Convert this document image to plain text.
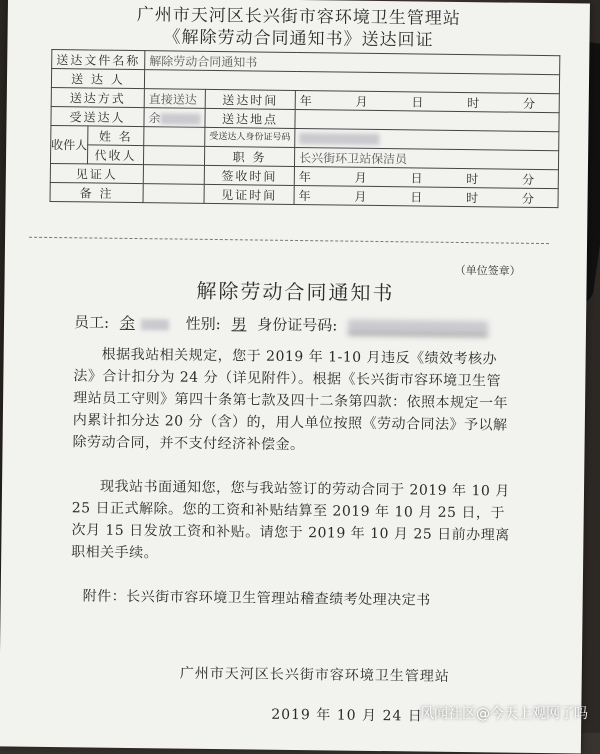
广州市天河区长兴街市容环境卫生管理站
《解除劳动合同通知书》送达回证
送达文件名称		解除劳动合同通知书		
送 达 人				
送达方式		直接送达	送达时间	年 月 日 时 分
受送达人		余	送达地点	
收件人	姓 名		受送达人身份证号码	
	代收人		职 务	长兴街环卫站保洁员
见证人			签收时间	年 月 日 时 分
备 注			见证时间	年 月 日 时 分
（单位签章）
解除劳动合同通知书
员工: 余	性别: 男 身份证号码:
根据我站相关规定，您于 2019 年 1-10 月违反《绩效考核办法》合计扣分为 24 分（详见附件）。根据《长兴街市容环境卫生管理站员工守则》第四十条第七款及四十二条第四款：依照本规定一年内累计扣分达 20 分（含）的，用人单位按照《劳动合同法》予以解除劳动合同，并不支付经济补偿金。
现我站书面通知您，您与我站签订的劳动合同于 2019 年 10 月 25 日正式解除。您的工资和补贴结算至 2019 年 10 月 25 日，于次月 15 日发放工资和补贴。请您于 2019 年 10 月 25 日前办理离职相关手续。
附件：长兴街市容环境卫生管理站稽查绩考处理决定书
广州市天河区长兴街市容环境卫生管理站
2019 年 10 月 24 日
风闻社区@今天上观网了吗
